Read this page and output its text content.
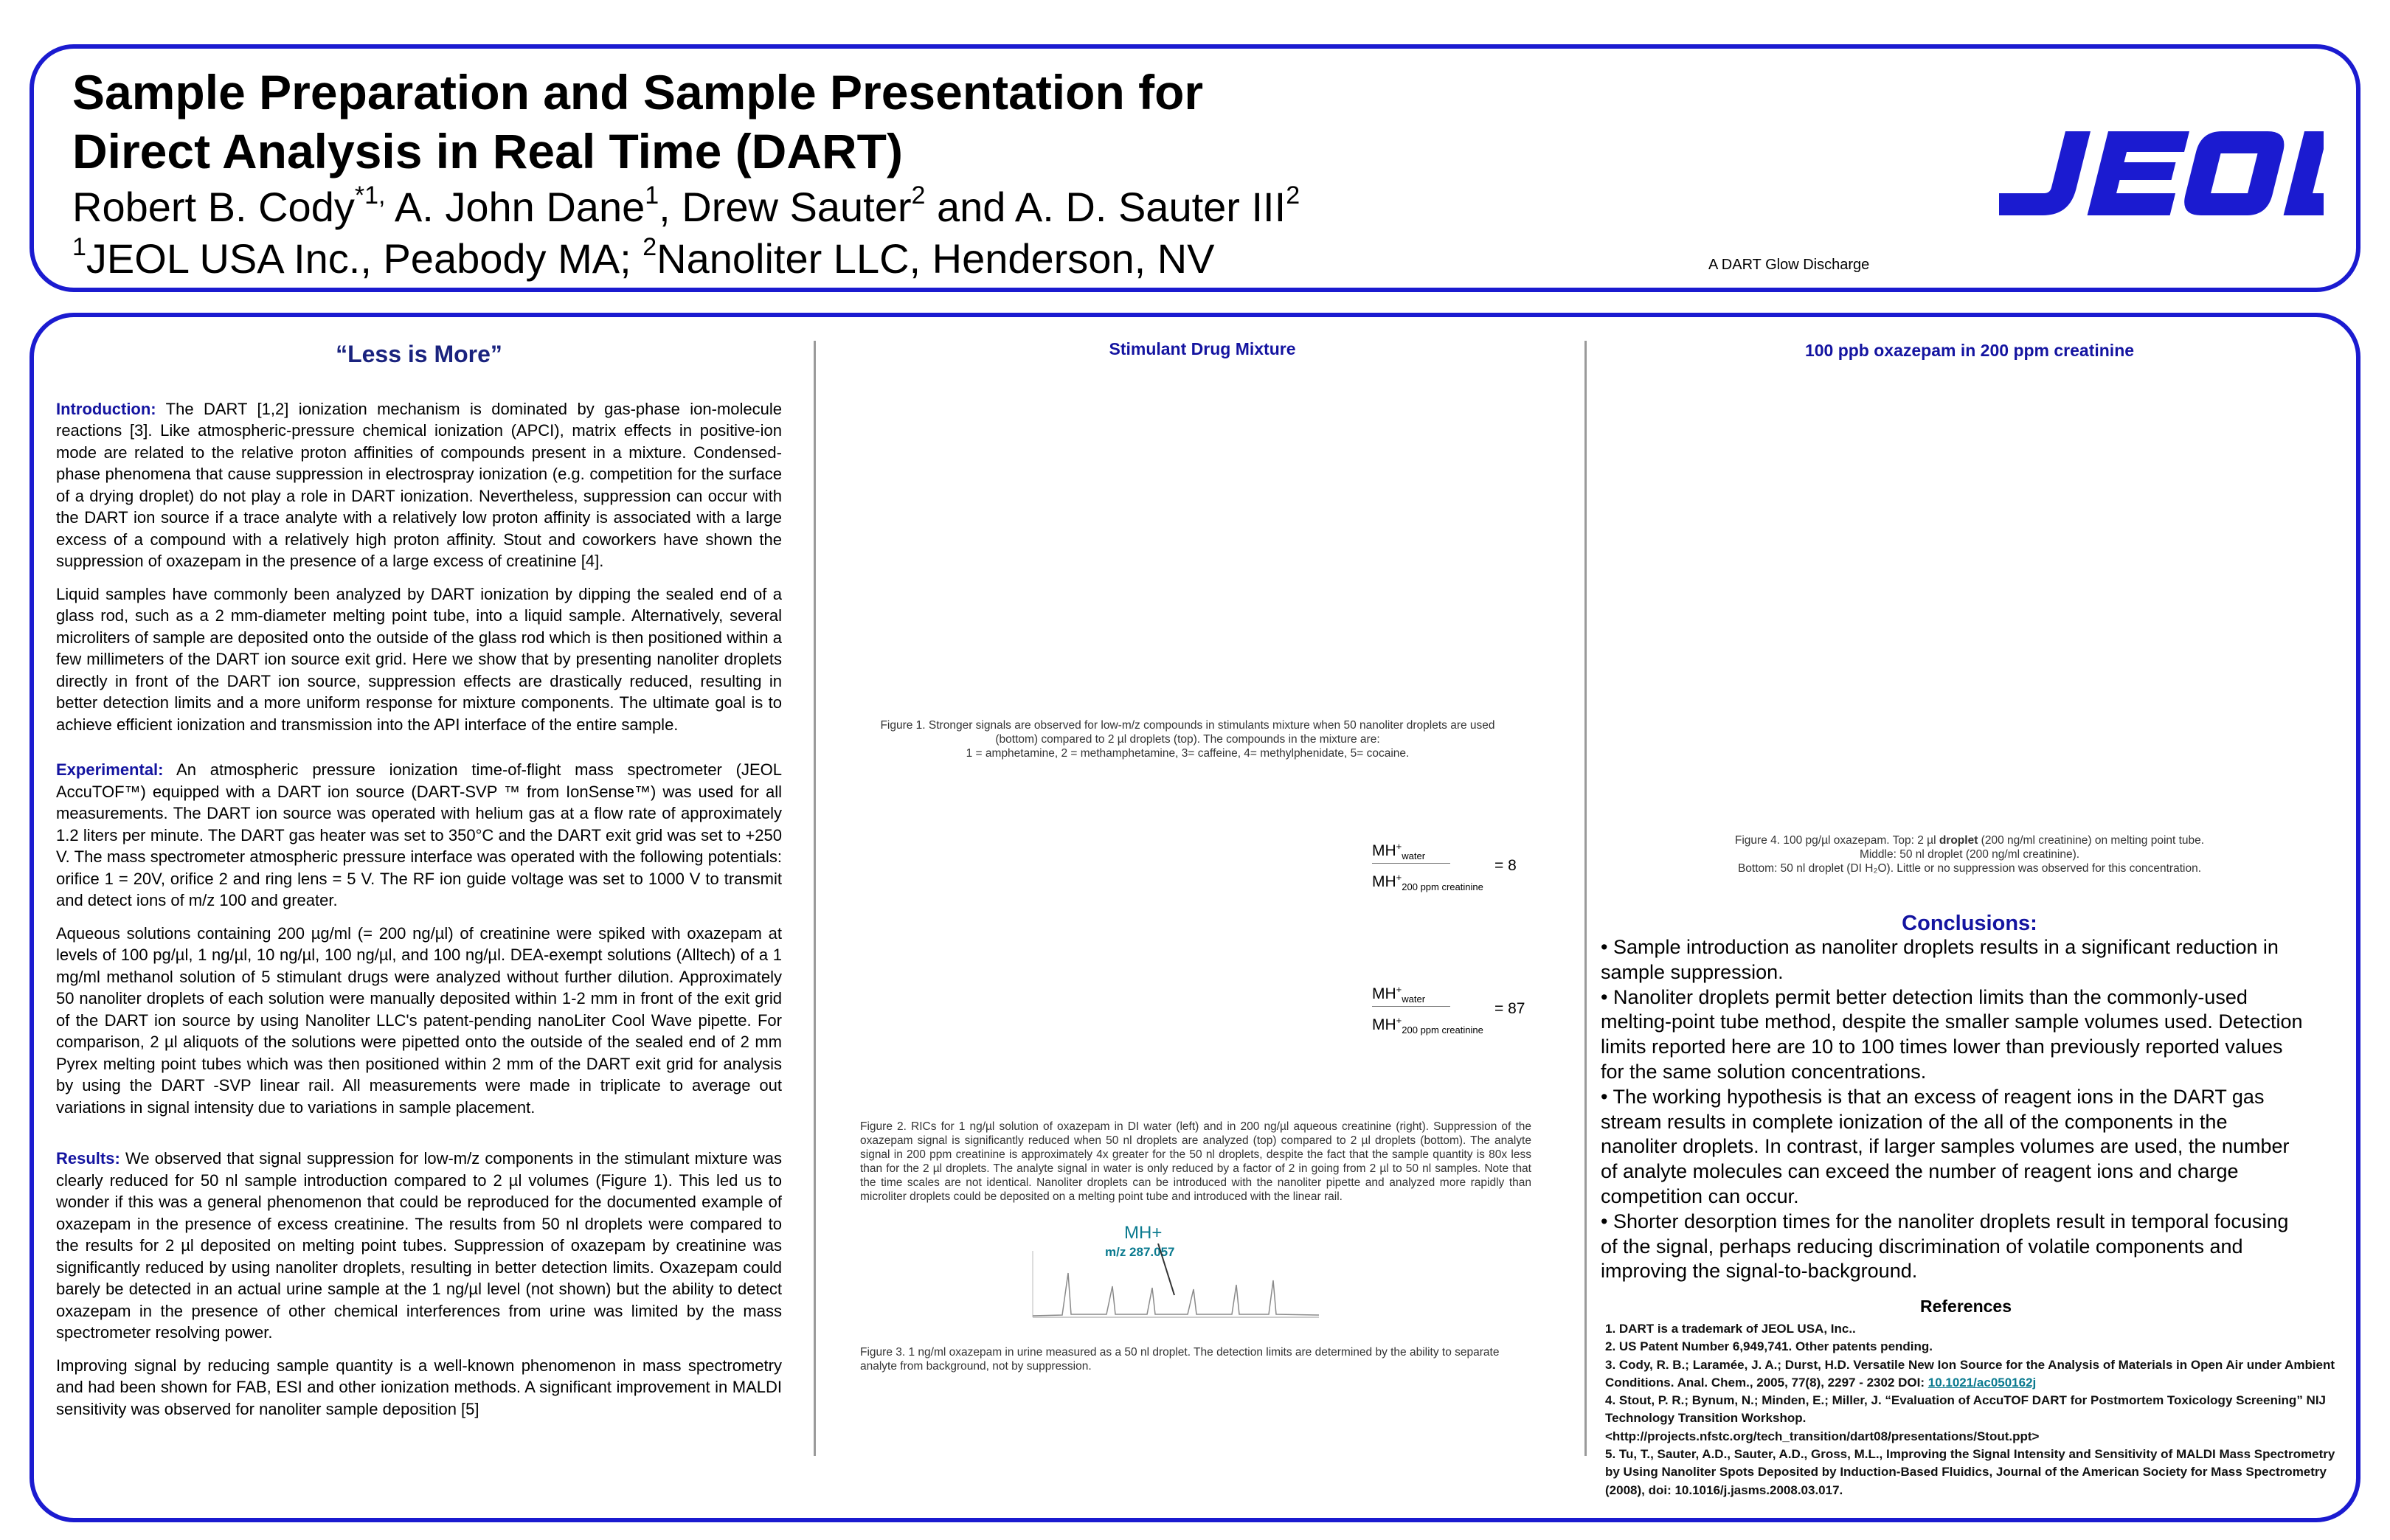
Sample Preparation and Sample Presentation for
Direct Analysis in Real Time (DART)
Robert B. Cody$^{*1,}$ A. John Dane$^1$, Drew Sauter$^2$ and A. D. Sauter III$^2$
$^1$JEOL USA Inc., Peabody MA; $^2$Nanoliter LLC, Henderson, NV	A DART Glow Discharge
“Less is More”

Introduction: The DART [1,2] ionization mechanism is dominated by gas-phase ion-molecule reactions [3]. Like atmospheric-pressure chemical ionization (APCI), matrix effects in positive-ion mode are related to the relative proton affinities of compounds present in a mixture. Condensed-phase phenomena that cause suppression in electrospray ionization (e.g. competition for the surface of a drying droplet) do not play a role in DART ionization. Nevertheless, suppression can occur with the DART ion source if a trace analyte with a relatively low proton affinity is associated with a large excess of a compound with a relatively high proton affinity. Stout and coworkers have shown the suppression of oxazepam in the presence of a large excess of creatinine [4].

Liquid samples have commonly been analyzed by DART ionization by dipping the sealed end of a glass rod, such as a 2 mm-diameter melting point tube, into a liquid sample. Alternatively, several microliters of sample are deposited onto the outside of the glass rod which is then positioned within a few millimeters of the DART ion source exit grid. Here we show that by presenting nanoliter droplets directly in front of the DART ion source, suppression effects are drastically reduced, resulting in better detection limits and a more uniform response for mixture components. The ultimate goal is to achieve efficient ionization and transmission into the API interface of the entire sample.

Experimental: An atmospheric pressure ionization time-of-flight mass spectrometer (JEOL AccuTOF™) equipped with a DART ion source (DART-SVP ™ from IonSense™) was used for all measurements. The DART ion source was operated with helium gas at a flow rate of approximately 1.2 liters per minute. The DART gas heater was set to 350°C and the DART exit grid was set to +250 V. The mass spectrometer atmospheric pressure interface was operated with the following potentials: orifice 1 = 20V, orifice 2 and ring lens = 5 V. The RF ion guide voltage was set to 1000 V to transmit and detect ions of m/z 100 and greater.

Aqueous solutions containing 200 µg/ml (= 200 ng/µl) of creatinine were spiked with oxazepam at levels of 100 pg/µl, 1 ng/µl, 10 ng/µl, 100 ng/µl, and 100 ng/µl. DEA-exempt solutions (Alltech) of a 1 mg/ml methanol solution of 5 stimulant drugs were analyzed without further dilution. Approximately 50 nanoliter droplets of each solution were manually deposited within 1-2 mm in front of the exit grid of the DART ion source by using Nanoliter LLC's patent-pending nanoLiter Cool Wave pipette. For comparison, 2 µl aliquots of the solutions were pipetted onto the outside of the sealed end of 2 mm Pyrex melting point tubes which was then positioned within 2 mm of the DART exit grid for analysis by using the DART -SVP linear rail. All measurements were made in triplicate to average out variations in signal intensity due to variations in sample placement.

Results: We observed that signal suppression for low-m/z components in the stimulant mixture was clearly reduced for 50 nl sample introduction compared to 2 µl volumes (Figure 1). This led us to wonder if this was a general phenomenon that could be reproduced for the documented example of oxazepam in the presence of excess creatinine. The results from 50 nl droplets were compared to the results for 2 µl deposited on melting point tubes. Suppression of oxazepam by creatinine was significantly reduced by using nanoliter droplets, resulting in better detection limits. Oxazepam could barely be detected in an actual urine sample at the 1 ng/µl level (not shown) but the ability to detect oxazepam in the presence of other chemical interferences from urine was limited by the mass spectrometer resolving power.

Improving signal by reducing sample quantity is a well-known phenomenon in mass spectrometry and had been shown for FAB, ESI and other ionization methods. A significant improvement in MALDI sensitivity was observed for nanoliter sample deposition [5]

Stimulant Drug Mixture
Figure 1. Stronger signals are observed for low-m/z compounds in stimulants mixture when 50 nanoliter droplets are used
(bottom) compared to 2 µl droplets (top). The compounds in the mixture are:
1 = amphetamine, 2 = methamphetamine, 3= caffeine, 4= methylphenidate, 5= cocaine.
$MH^+_{water}$
$MH^+_{200 ppm creatinine}$
= 8
$MH^+_{water}$
$MH^+_{200 ppm creatinine}$
= 87
Figure 2. RICs for 1 ng/µl solution of oxazepam in DI water (left) and in 200 ng/µl aqueous creatinine (right). Suppression of the oxazepam signal is significantly reduced when 50 nl droplets are analyzed (top) compared to 2 µl droplets (bottom). The analyte signal in 200 ppm creatinine is approximately 4x greater for the 50 nl droplets, despite the fact that the sample quantity is 80x less than for the 2 µl droplets. The analyte signal in water is only reduced by a factor of 2 in going from 2 µl to 50 nl samples. Note that the time scales are not identical. Nanoliter droplets can be introduced with the nanoliter pipette and analyzed more rapidly than microliter droplets could be deposited on a melting point tube and introduced with the linear rail.
MH+
m/z 287.057
Figure 3. 1 ng/ml oxazepam in urine measured as a 50 nl droplet. The detection limits are determined by the ability to separate analyte from background, not by suppression.
100 ppb oxazepam in 200 ppm creatinine
Figure 4. 100 pg/µl oxazepam. Top: 2 µl droplet (200 ng/ml creatinine) on melting point tube.
Middle: 50 nl droplet (200 ng/ml creatinine).
Bottom: 50 nl droplet (DI H₂O). Little or no suppression was observed for this concentration.
Conclusions:
• Sample introduction as nanoliter droplets results in a significant reduction in sample suppression.
• Nanoliter droplets permit better detection limits than the commonly-used melting-point tube method, despite the smaller sample volumes used. Detection limits reported here are 10 to 100 times lower than previously reported values for the same solution concentrations.
• The working hypothesis is that an excess of reagent ions in the DART gas stream results in complete ionization of the all of the components in the nanoliter droplets. In contrast, if larger samples volumes are used, the number of analyte molecules can exceed the number of reagent ions and charge competition can occur.
• Shorter desorption times for the nanoliter droplets result in temporal focusing of the signal, perhaps reducing discrimination of volatile components and improving the signal-to-background.
References
1. DART is a trademark of JEOL USA, Inc..
2. US Patent Number 6,949,741. Other patents pending.
3. Cody, R. B.; Laramée, J. A.; Durst, H.D. Versatile New Ion Source for the Analysis of Materials in Open Air under Ambient Conditions. Anal. Chem., 2005, 77(8), 2297 - 2302 DOI: 10.1021/ac050162j
4. Stout, P. R.; Bynum, N.; Minden, E.; Miller, J. “Evaluation of AccuTOF DART for Postmortem Toxicology Screening” NIJ Technology Transition Workshop.
<http://projects.nfstc.org/tech_transition/dart08/presentations/Stout.ppt>
5. Tu, T., Sauter, A.D., Sauter, A.D., Gross, M.L., Improving the Signal Intensity and Sensitivity of MALDI Mass Spectrometry by Using Nanoliter Spots Deposited by Induction-Based Fluidics, Journal of the American Society for Mass Spectrometry (2008), doi: 10.1016/j.jasms.2008.03.017.
